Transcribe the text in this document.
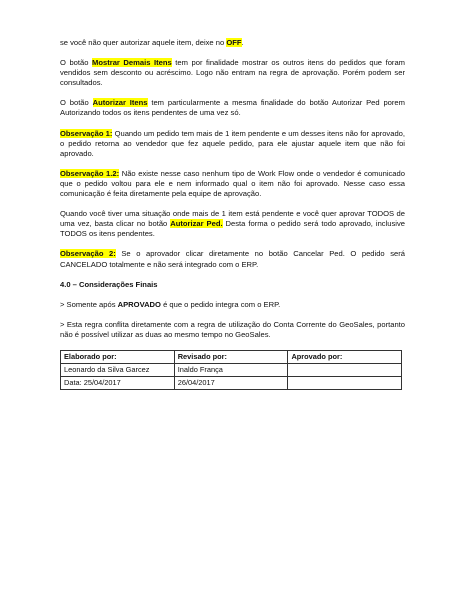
se você não quer autorizar aquele item, deixe no OFF.

O botão Mostrar Demais Itens tem por finalidade mostrar os outros itens do pedidos que foram vendidos sem desconto ou acréscimo. Logo não entram na regra de aprovação. Porém podem ser consultados.

O botão Autorizar Itens tem particularmente a mesma finalidade do botão Autorizar Ped porem Autorizando todos os itens pendentes de uma vez só.

Observação 1: Quando um pedido tem mais de 1 item pendente e um desses itens não for aprovado, o pedido retorna ao vendedor que fez aquele pedido, para ele ajustar aquele item que não foi aprovado.

Observação 1.2: Não existe nesse caso nenhum tipo de Work Flow onde o vendedor é comunicado que o pedido voltou para ele e nem informado qual o item não foi aprovado. Nesse caso essa comunicação é feita diretamente pela equipe de aprovação.

Quando você tiver uma situação onde mais de 1 item está pendente e você quer aprovar TODOS de uma vez, basta clicar no botão Autorizar Ped. Desta forma o pedido será todo aprovado, inclusive TODOS os itens pendentes.

Observação 2: Se o aprovador clicar diretamente no botão Cancelar Ped. O pedido será CANCELADO totalmente e não será integrado com o ERP.

4.0 – Considerações Finais

> Somente após APROVADO é que o pedido integra com o ERP.

> Esta regra conflita diretamente com a regra de utilização do Conta Corrente do GeoSales, portanto não é possível utilizar as duas ao mesmo tempo no GeoSales.

Elaborado por:	Revisado por:	Aprovado por:
Leonardo da Silva Garcez	Inaldo França	
Data: 25/04/2017	26/04/2017	
